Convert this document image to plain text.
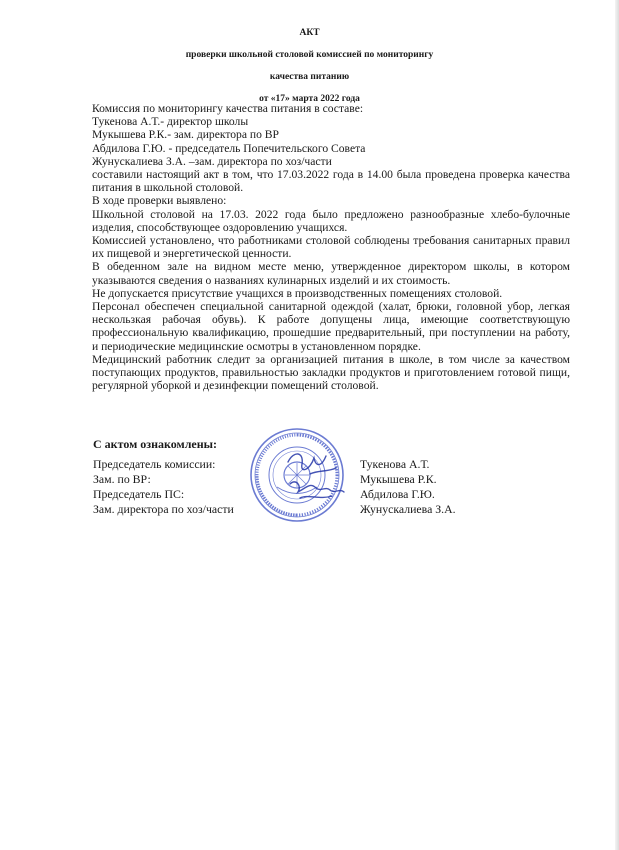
АКТ
проверки школьной столовой комиссией по мониторингу
качества питанию
от «17» марта 2022 года

Комиссия по мониторингу качества питания в составе:

Тукенова А.Т.- директор школы

Мукышева Р.К.- зам. директора по ВР

Абдилова Г.Ю. - председатель Попечительского Совета

Жунускалиева З.А. –зам. директора по хоз/части

составили настоящий акт в том, что 17.03.2022 года в 14.00 была проведена проверка качества питания в школьной столовой.

В ходе проверки выявлено:

Школьной столовой на 17.03. 2022 года было предложено разнообразные хлебо-булочные изделия, способствующее оздоровлению учащихся.

Комиссией установлено, что работниками столовой соблюдены требования санитарных правил их пищевой и энергетической ценности.

В обеденном зале на видном месте меню, утвержденное директором школы, в котором указываются сведения о названиях кулинарных изделий и их стоимость.

Не допускается присутствие учащихся в производственных помещениях столовой.

Персонал обеспечен специальной санитарной одеждой (халат, брюки, головной убор, легкая нескользкая рабочая обувь). К работе допущены лица, имеющие соответствующую профессиональную квалификацию, прошедшие предварительный, при поступлении на работу, и периодические медицинские осмотры в установленном порядке.

Медицинский работник следит за организацией питания в школе, в том числе за качеством поступающих продуктов, правильностью закладки продуктов и приготовлением готовой пищи, регулярной уборкой и дезинфекции помещений столовой.

С актом ознакомлены:
Председатель комиссии:	Тукенова А.Т.
Зам. по ВР:	Мукышева Р.К.
Председатель ПС:	Абдилова Г.Ю.
Зам. директора по хоз/части	Жунускалиева З.А.
